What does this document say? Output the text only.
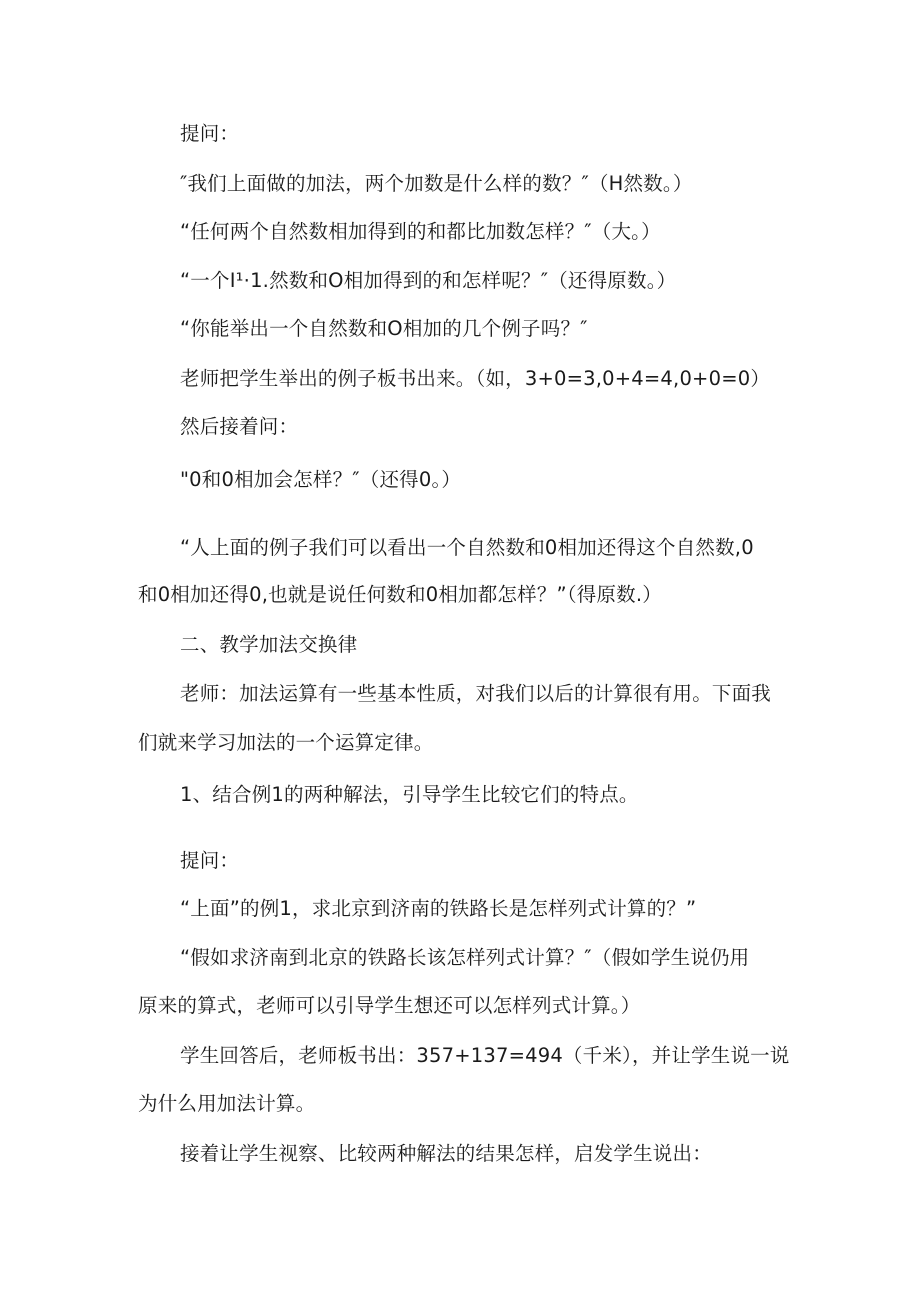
提问：
″我们上面做的加法，两个加数是什么样的数？″（H然数。）
“任何两个自然数相加得到的和都比加数怎样？″（大。）
“一个I¹·1.然数和O相加得到的和怎样呢？″（还得原数。）
“你能举出一个自然数和O相加的几个例子吗？″
老师把学生举出的例子板书出来。（如，3+0=3,0+4=4,0+0=0）
然后接着问：
"0和0相加会怎样？″（还得0。）
“人上面的例子我们可以看出一个自然数和0相加还得这个自然数,0
和0相加还得0,也就是说任何数和0相加都怎样？”（得原数.）
二、教学加法交换律
老师：加法运算有一些基本性质，对我们以后的计算很有用。下面我
们就来学习加法的一个运算定律。
1、结合例1的两种解法，引导学生比较它们的特点。
提问：
“上面”的例1，求北京到济南的铁路长是怎样列式计算的？”
“假如求济南到北京的铁路长该怎样列式计算？″（假如学生说仍用
原来的算式，老师可以引导学生想还可以怎样列式计算。）
学生回答后，老师板书出：357+137=494（千米），并让学生说一说
为什么用加法计算。
接着让学生视察、比较两种解法的结果怎样，启发学生说出：
